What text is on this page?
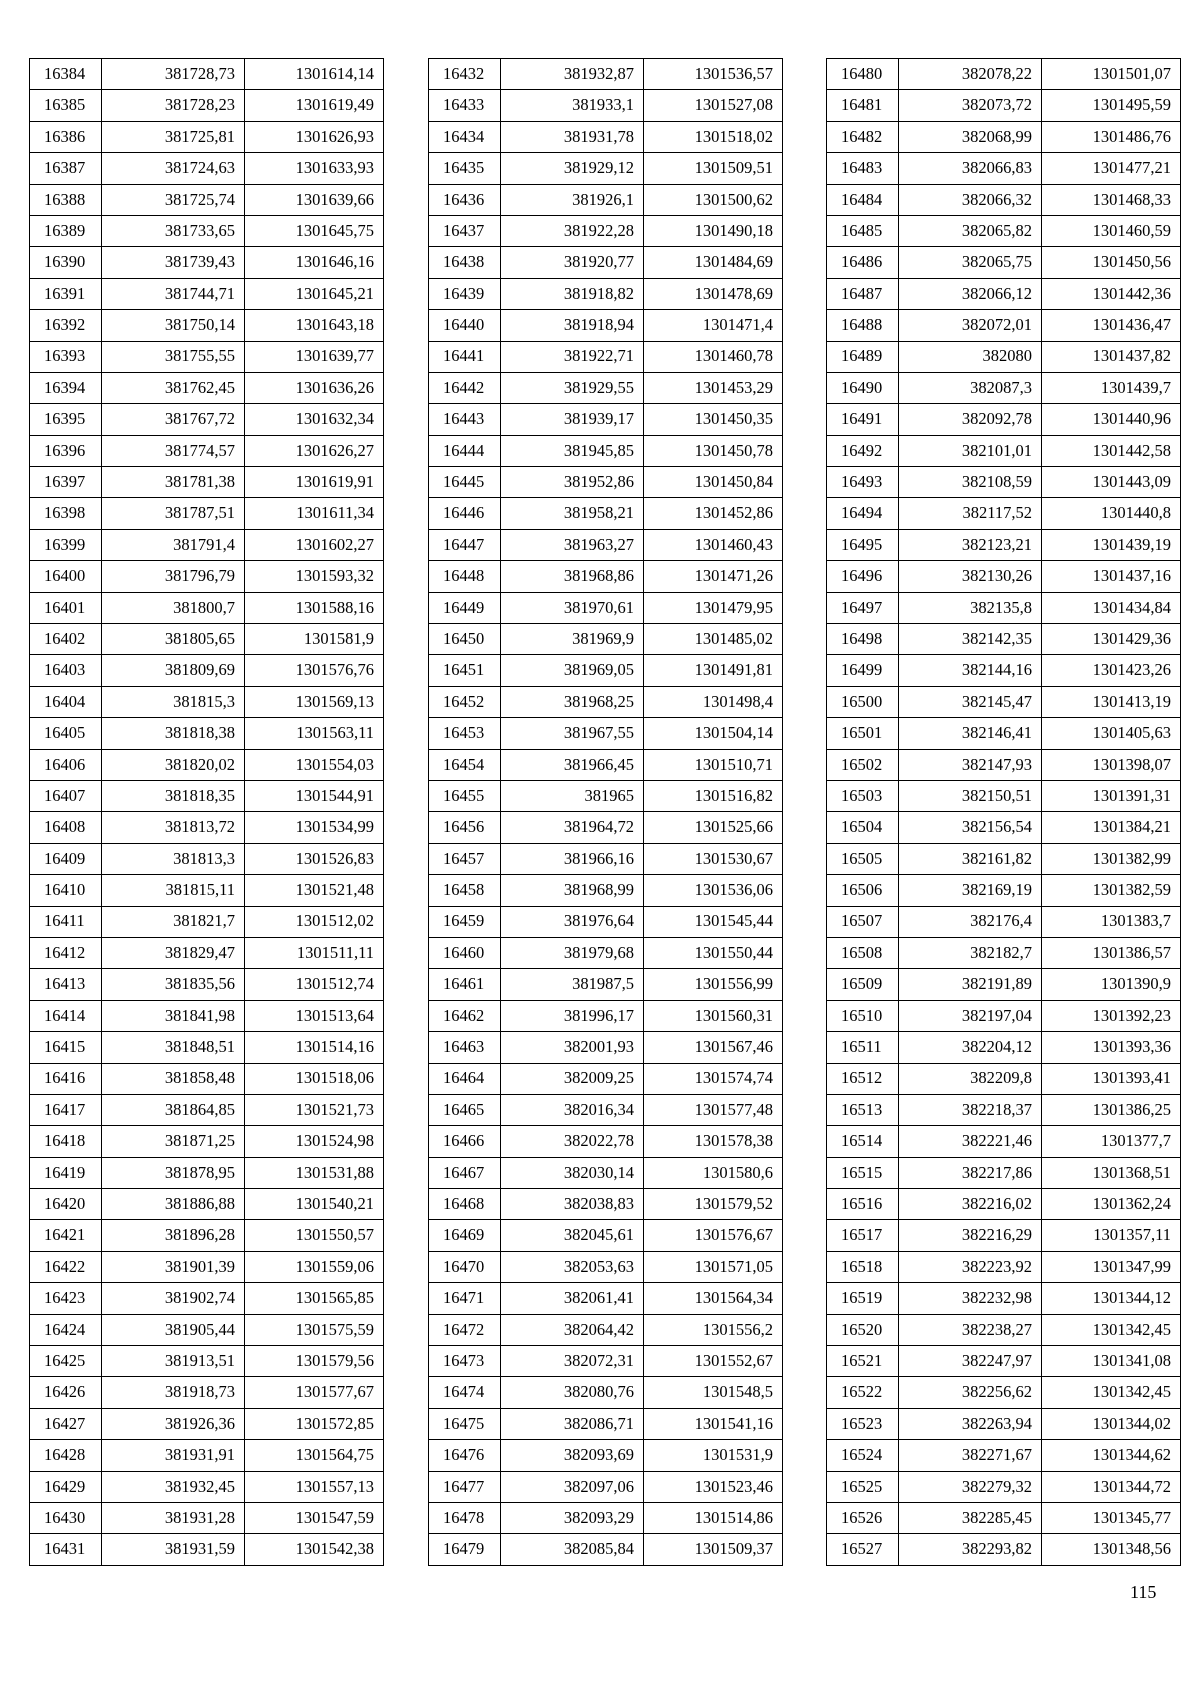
16384	381728,73	1301614,14
16385	381728,23	1301619,49
16386	381725,81	1301626,93
16387	381724,63	1301633,93
16388	381725,74	1301639,66
16389	381733,65	1301645,75
16390	381739,43	1301646,16
16391	381744,71	1301645,21
16392	381750,14	1301643,18
16393	381755,55	1301639,77
16394	381762,45	1301636,26
16395	381767,72	1301632,34
16396	381774,57	1301626,27
16397	381781,38	1301619,91
16398	381787,51	1301611,34
16399	381791,4	1301602,27
16400	381796,79	1301593,32
16401	381800,7	1301588,16
16402	381805,65	1301581,9
16403	381809,69	1301576,76
16404	381815,3	1301569,13
16405	381818,38	1301563,11
16406	381820,02	1301554,03
16407	381818,35	1301544,91
16408	381813,72	1301534,99
16409	381813,3	1301526,83
16410	381815,11	1301521,48
16411	381821,7	1301512,02
16412	381829,47	1301511,11
16413	381835,56	1301512,74
16414	381841,98	1301513,64
16415	381848,51	1301514,16
16416	381858,48	1301518,06
16417	381864,85	1301521,73
16418	381871,25	1301524,98
16419	381878,95	1301531,88
16420	381886,88	1301540,21
16421	381896,28	1301550,57
16422	381901,39	1301559,06
16423	381902,74	1301565,85
16424	381905,44	1301575,59
16425	381913,51	1301579,56
16426	381918,73	1301577,67
16427	381926,36	1301572,85
16428	381931,91	1301564,75
16429	381932,45	1301557,13
16430	381931,28	1301547,59
16431	381931,59	1301542,38
16432	381932,87	1301536,57
16433	381933,1	1301527,08
16434	381931,78	1301518,02
16435	381929,12	1301509,51
16436	381926,1	1301500,62
16437	381922,28	1301490,18
16438	381920,77	1301484,69
16439	381918,82	1301478,69
16440	381918,94	1301471,4
16441	381922,71	1301460,78
16442	381929,55	1301453,29
16443	381939,17	1301450,35
16444	381945,85	1301450,78
16445	381952,86	1301450,84
16446	381958,21	1301452,86
16447	381963,27	1301460,43
16448	381968,86	1301471,26
16449	381970,61	1301479,95
16450	381969,9	1301485,02
16451	381969,05	1301491,81
16452	381968,25	1301498,4
16453	381967,55	1301504,14
16454	381966,45	1301510,71
16455	381965	1301516,82
16456	381964,72	1301525,66
16457	381966,16	1301530,67
16458	381968,99	1301536,06
16459	381976,64	1301545,44
16460	381979,68	1301550,44
16461	381987,5	1301556,99
16462	381996,17	1301560,31
16463	382001,93	1301567,46
16464	382009,25	1301574,74
16465	382016,34	1301577,48
16466	382022,78	1301578,38
16467	382030,14	1301580,6
16468	382038,83	1301579,52
16469	382045,61	1301576,67
16470	382053,63	1301571,05
16471	382061,41	1301564,34
16472	382064,42	1301556,2
16473	382072,31	1301552,67
16474	382080,76	1301548,5
16475	382086,71	1301541,16
16476	382093,69	1301531,9
16477	382097,06	1301523,46
16478	382093,29	1301514,86
16479	382085,84	1301509,37
16480	382078,22	1301501,07
16481	382073,72	1301495,59
16482	382068,99	1301486,76
16483	382066,83	1301477,21
16484	382066,32	1301468,33
16485	382065,82	1301460,59
16486	382065,75	1301450,56
16487	382066,12	1301442,36
16488	382072,01	1301436,47
16489	382080	1301437,82
16490	382087,3	1301439,7
16491	382092,78	1301440,96
16492	382101,01	1301442,58
16493	382108,59	1301443,09
16494	382117,52	1301440,8
16495	382123,21	1301439,19
16496	382130,26	1301437,16
16497	382135,8	1301434,84
16498	382142,35	1301429,36
16499	382144,16	1301423,26
16500	382145,47	1301413,19
16501	382146,41	1301405,63
16502	382147,93	1301398,07
16503	382150,51	1301391,31
16504	382156,54	1301384,21
16505	382161,82	1301382,99
16506	382169,19	1301382,59
16507	382176,4	1301383,7
16508	382182,7	1301386,57
16509	382191,89	1301390,9
16510	382197,04	1301392,23
16511	382204,12	1301393,36
16512	382209,8	1301393,41
16513	382218,37	1301386,25
16514	382221,46	1301377,7
16515	382217,86	1301368,51
16516	382216,02	1301362,24
16517	382216,29	1301357,11
16518	382223,92	1301347,99
16519	382232,98	1301344,12
16520	382238,27	1301342,45
16521	382247,97	1301341,08
16522	382256,62	1301342,45
16523	382263,94	1301344,02
16524	382271,67	1301344,62
16525	382279,32	1301344,72
16526	382285,45	1301345,77
16527	382293,82	1301348,56
115
